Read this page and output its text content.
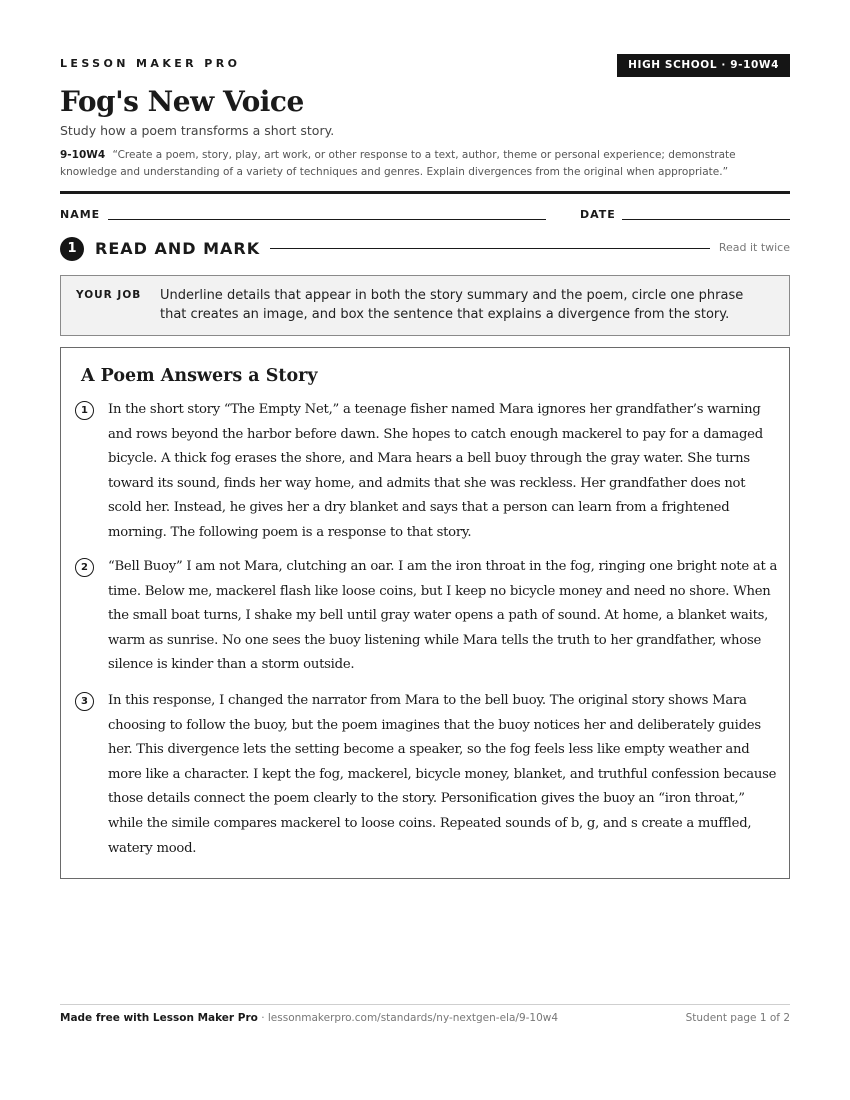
LESSON MAKER PRO	HIGH SCHOOL · 9-10W4
Fog's New Voice
Study how a poem transforms a short story.
9-10W4 “Create a poem, story, play, art work, or other response to a text, author, theme or personal experience; demonstrate knowledge and understanding of a variety of techniques and genres. Explain divergences from the original when appropriate.”
NAME	DATE
1	READ AND MARK	Read it twice
YOUR JOB Underline details that appear in both the story summary and the poem, circle one phrase that creates an image, and box the sentence that explains a divergence from the story.
A Poem Answers a Story
1	In the short story “The Empty Net,” a teenage fisher named Mara ignores her grandfather’s warning and rows beyond the harbor before dawn. She hopes to catch enough mackerel to pay for a damaged bicycle. A thick fog erases the shore, and Mara hears a bell buoy through the gray water. She turns toward its sound, finds her way home, and admits that she was reckless. Her grandfather does not scold her. Instead, he gives her a dry blanket and says that a person can learn from a frightened morning. The following poem is a response to that story.

2	“Bell Buoy” I am not Mara, clutching an oar. I am the iron throat in the fog, ringing one bright note at a time. Below me, mackerel flash like loose coins, but I keep no bicycle money and need no shore. When the small boat turns, I shake my bell until gray water opens a path of sound. At home, a blanket waits, warm as sunrise. No one sees the buoy listening while Mara tells the truth to her grandfather, whose silence is kinder than a storm outside.

3	In this response, I changed the narrator from Mara to the bell buoy. The original story shows Mara choosing to follow the buoy, but the poem imagines that the buoy notices her and deliberately guides her. This divergence lets the setting become a speaker, so the fog feels less like empty weather and more like a character. I kept the fog, mackerel, bicycle money, blanket, and truthful confession because those details connect the poem clearly to the story. Personification gives the buoy an “iron throat,” while the simile compares mackerel to loose coins. Repeated sounds of b, g, and s create a muffled, watery mood.

Made free with Lesson Maker Pro · lessonmakerpro.com/standards/ny-nextgen-ela/9-10w4	Student page 1 of 2
